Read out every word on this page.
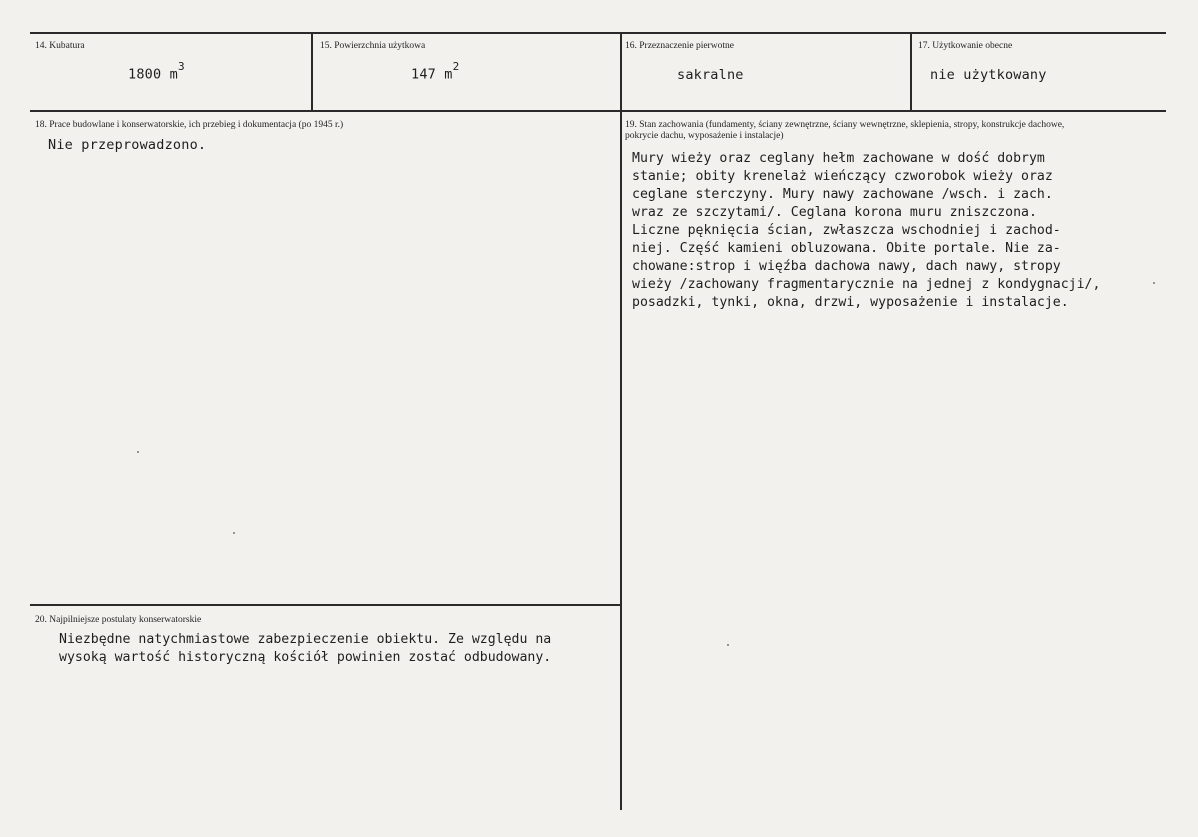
14. Kubatura
1800 $m^3$
15. Powierzchnia użytkowa
147 $m^2$
16. Przeznaczenie pierwotne
sakralne
17. Użytkowanie obecne
nie użytkowany
18. Prace budowlane i konserwatorskie, ich przebieg i dokumentacja (po 1945 r.)
Nie przeprowadzono.
19. Stan zachowania (fundamenty, ściany zewnętrzne, ściany wewnętrzne, sklepienia, stropy, konstrukcje dachowe,
pokrycie dachu, wyposażenie i instalacje)
Mury wieży oraz ceglany hełm zachowane w dość dobrym
stanie; obity krenelaż wieńczący czworobok wieży oraz
ceglane sterczyny. Mury nawy zachowane /wsch. i zach.
wraz ze szczytami/. Ceglana korona muru zniszczona.
Liczne pęknięcia ścian, zwłaszcza wschodniej i zachod-
niej. Część kamieni obluzowana. Obite portale. Nie za-
chowane:strop i więźba dachowa nawy, dach nawy, stropy
wieży /zachowany fragmentarycznie na jednej z kondygnacji/,
posadzki, tynki, okna, drzwi, wyposażenie i instalacje.
20. Najpilniejsze postulaty konserwatorskie
Niezbędne natychmiastowe zabezpieczenie obiektu. Ze względu na
wysoką wartość historyczną kościół powinien zostać odbudowany.
